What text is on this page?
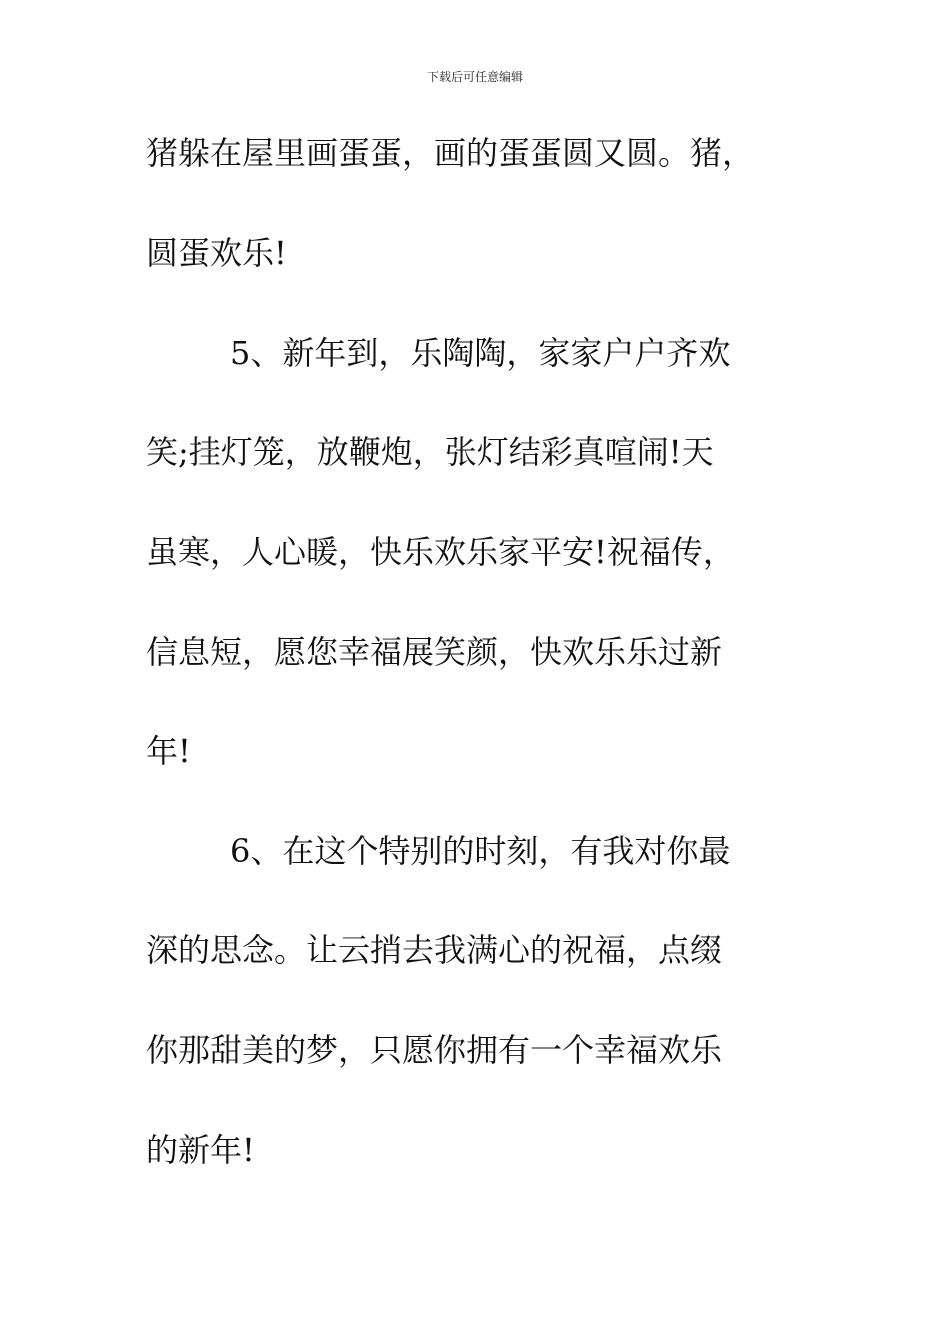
下载后可任意编辑
猪躲在屋里画蛋蛋，画的蛋蛋圆又圆。猪，
圆蛋欢乐!
5、新年到，乐陶陶，家家户户齐欢
笑;挂灯笼，放鞭炮，张灯结彩真喧闹!天
虽寒，人心暖，快乐欢乐家平安!祝福传，
信息短，愿您幸福展笑颜，快欢乐乐过新
年!
6、在这个特别的时刻，有我对你最
深的思念。让云捎去我满心的祝福，点缀
你那甜美的梦，只愿你拥有一个幸福欢乐
的新年!
